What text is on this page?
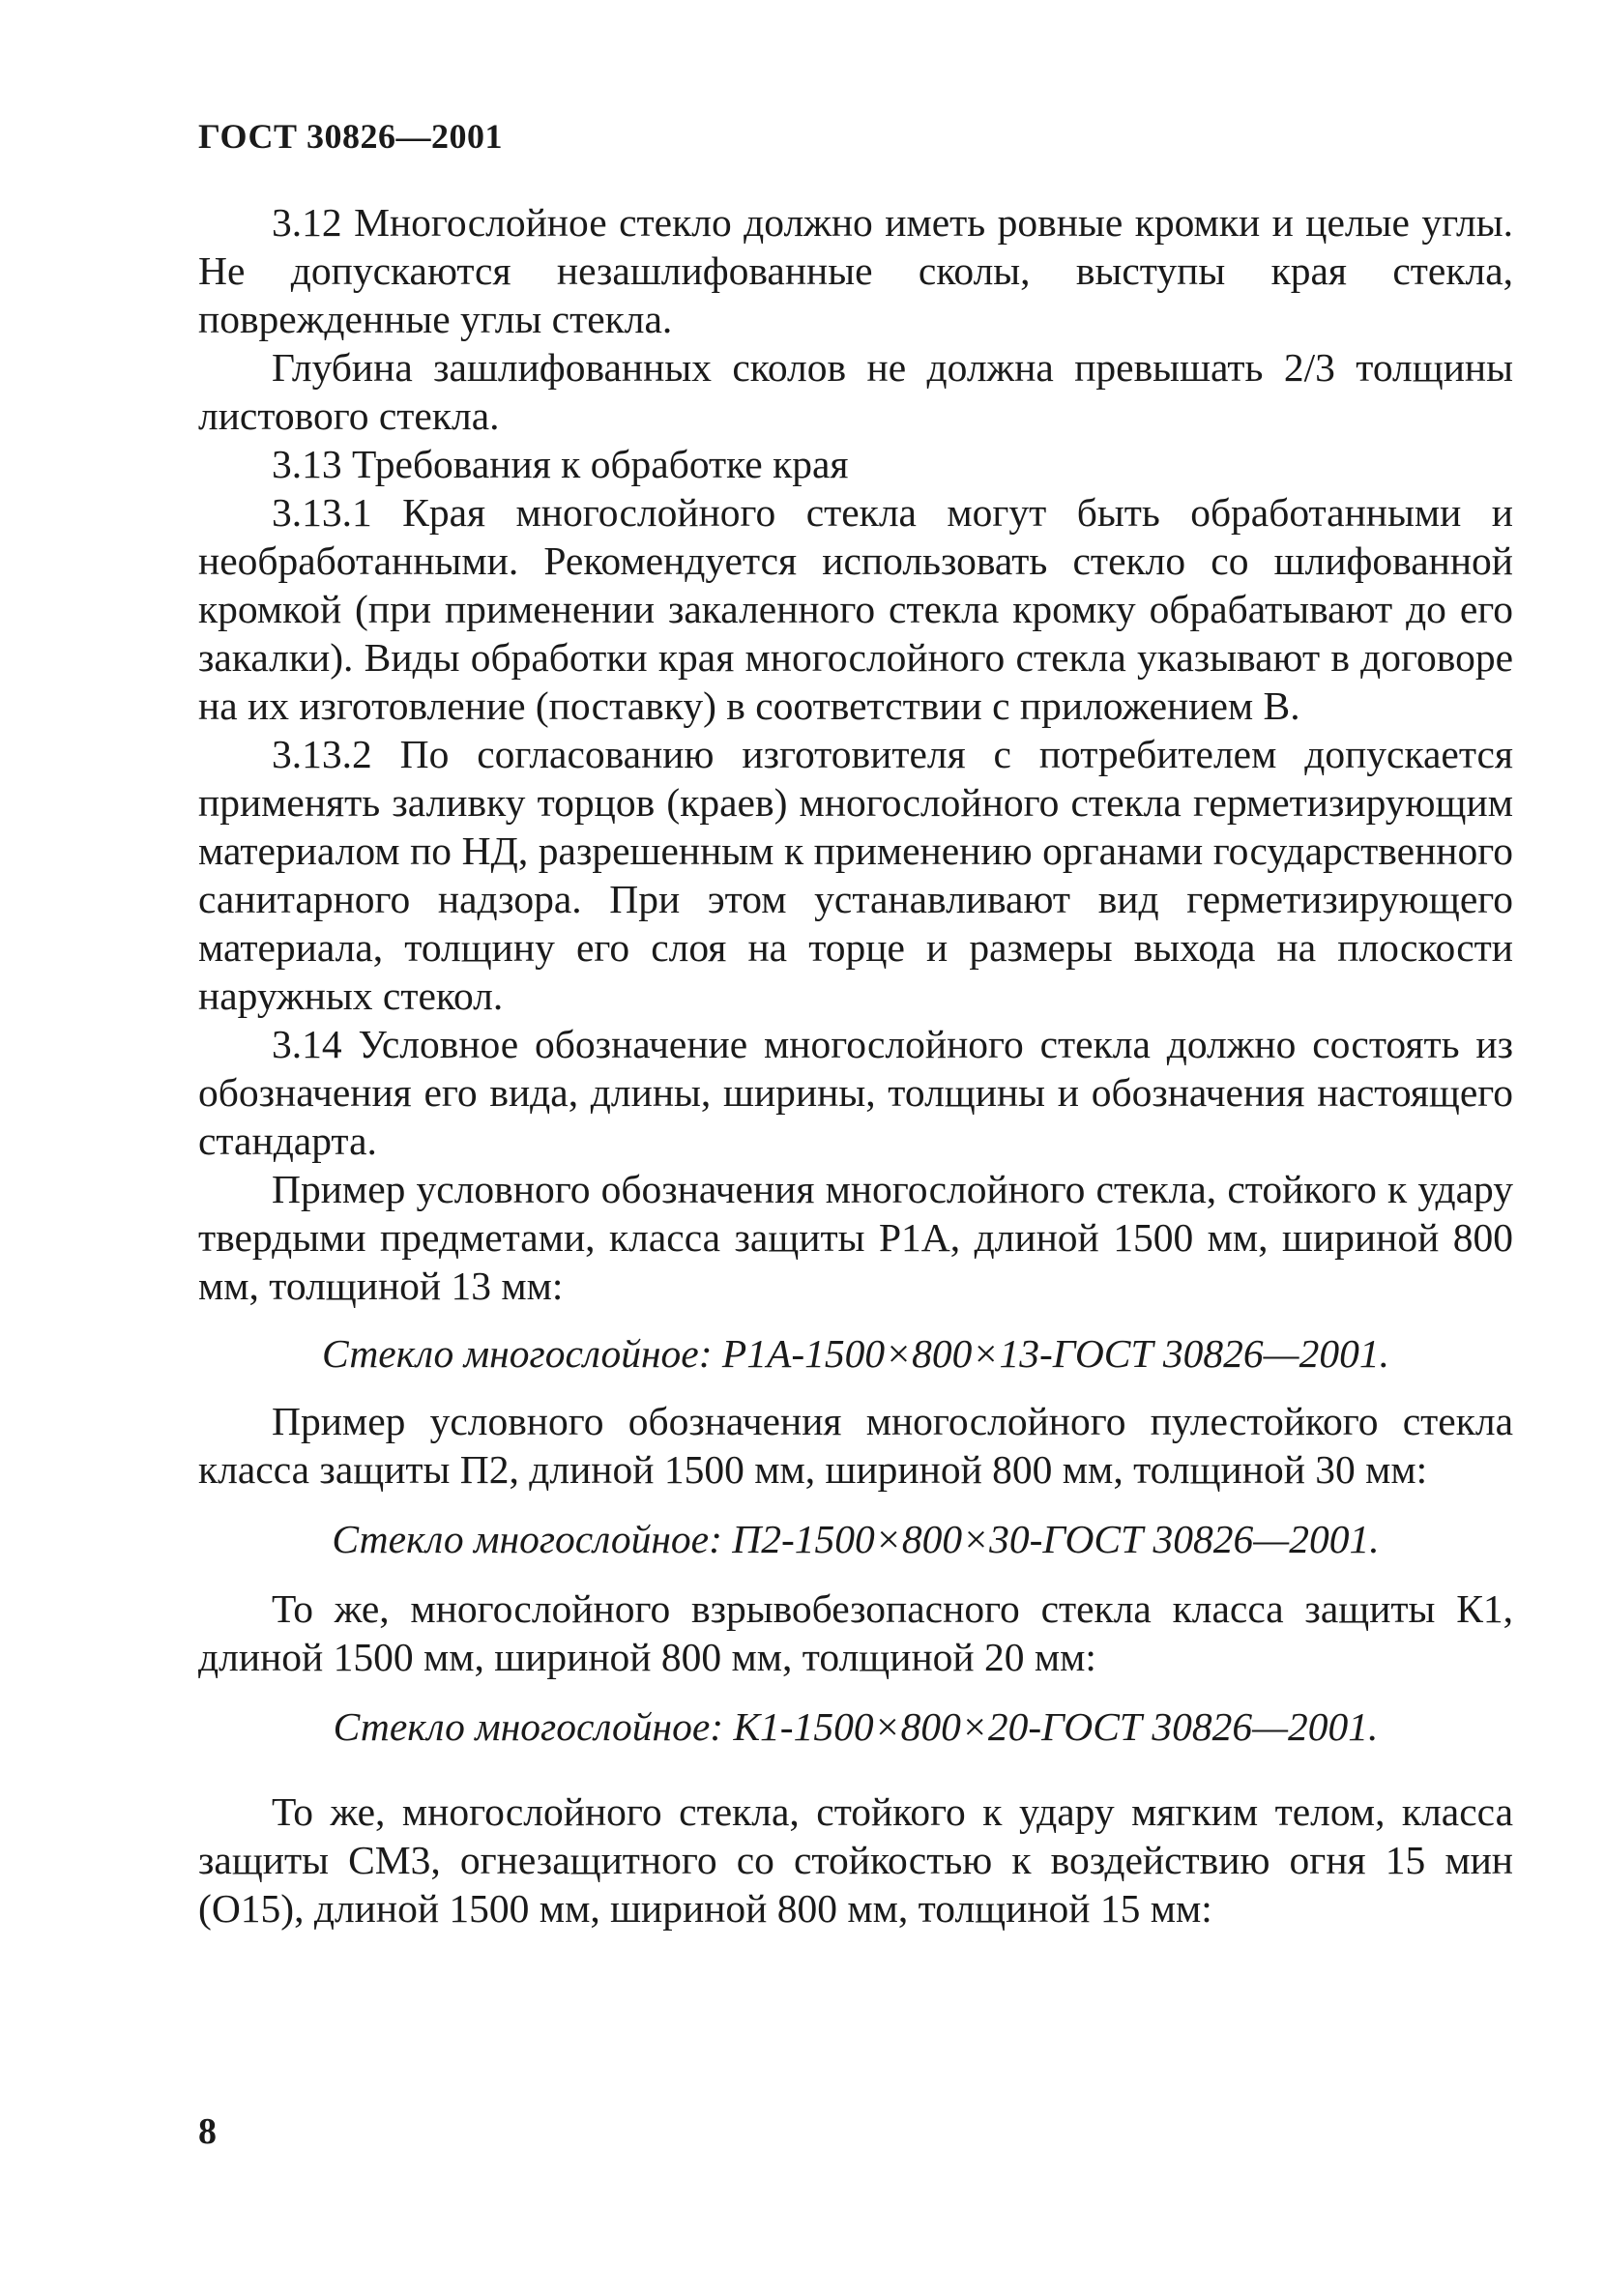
ГОСТ 30826—2001

3.12 Многослойное стекло должно иметь ровные кромки и целые углы. Не допускаются незашлифованные сколы, выступы края стекла, поврежденные углы стекла.

Глубина зашлифованных сколов не должна превышать 2/3 толщины листового стекла.

3.13 Требования к обработке края

3.13.1 Края многослойного стекла могут быть обработанными и необработанными. Рекомендуется использовать стекло со шлифованной кромкой (при применении закаленного стекла кромку обрабатывают до его закалки). Виды обработки края многослойного стекла указывают в договоре на их изготовление (поставку) в соответствии с приложением В.

3.13.2 По согласованию изготовителя с потребителем допускается применять заливку торцов (краев) многослойного стекла герметизирующим материалом по НД, разрешенным к применению органами государственного санитарного надзора. При этом устанавливают вид герметизирующего материала, толщину его слоя на торце и размеры выхода на плоскости наружных стекол.

3.14 Условное обозначение многослойного стекла должно состоять из обозначения его вида, длины, ширины, толщины и обозначения настоящего стандарта.

Пример условного обозначения многослойного стекла, стойкого к удару твердыми предметами, класса защиты Р1А, длиной 1500 мм, шириной 800 мм, толщиной 13 мм:

Стекло многослойное: Р1А-1500×800×13-ГОСТ 30826—2001.

Пример условного обозначения многослойного пулестойкого стекла класса защиты П2, длиной 1500 мм, шириной 800 мм, толщиной 30 мм:

Стекло многослойное: П2-1500×800×30-ГОСТ 30826—2001.

То же, многослойного взрывобезопасного стекла класса защиты К1, длиной 1500 мм, шириной 800 мм, толщиной 20 мм:

Стекло многослойное: К1-1500×800×20-ГОСТ 30826—2001.

То же, многослойного стекла, стойкого к удару мягким телом, класса защиты СМ3, огнезащитного со стойкостью к воздействию огня 15 мин (О15), длиной 1500 мм, шириной 800 мм, толщиной 15 мм:

8
